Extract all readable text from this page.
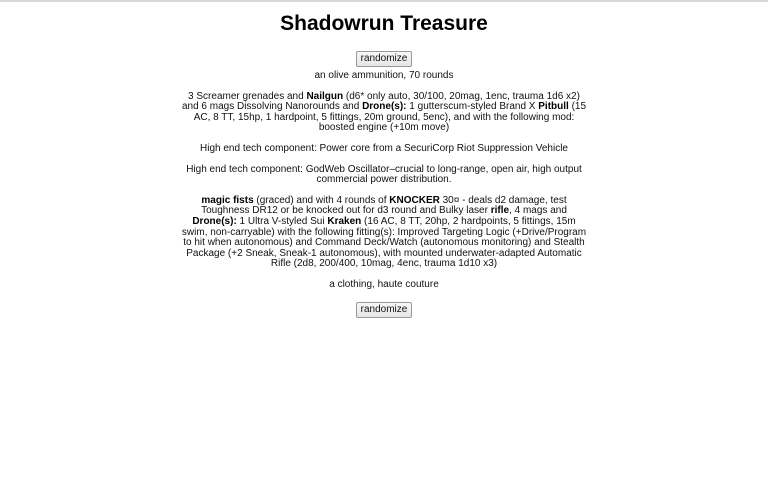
Shadowrun Treasure
randomize

an olive ammunition, 70 rounds

3 Screamer grenades and Nailgun (d6* only auto, 30/100, 20mag, 1enc, trauma 1d6 x2) and 6 mags Dissolving Nanorounds and Drone(s): 1 gutterscum-styled Brand X Pitbull (15 AC, 8 TT, 15hp, 1 hardpoint, 5 fittings, 20m ground, 5enc), and with the following mod: boosted engine (+10m move)

High end tech component: Power core from a SecuriCorp Riot Suppression Vehicle

High end tech component: GodWeb Oscillator–crucial to long-range, open air, high output commercial power distribution.

magic fists (graced) and with 4 rounds of KNOCKER 30¤ - deals d2 damage, test Toughness DR12 or be knocked out for d3 round and Bulky laser rifle, 4 mags and Drone(s): 1 Ultra V-styled Sui Kraken (16 AC, 8 TT, 20hp, 2 hardpoints, 5 fittings, 15m swim, non-carryable) with the following fitting(s): Improved Targeting Logic (+Drive/Program to hit when autonomous) and Command Deck/Watch (autonomous monitoring) and Stealth Package (+2 Sneak, Sneak-1 autonomous), with mounted underwater-adapted Automatic Rifle (2d8, 200/400, 10mag, 4enc, trauma 1d10 x3)

a clothing, haute couture

randomize
